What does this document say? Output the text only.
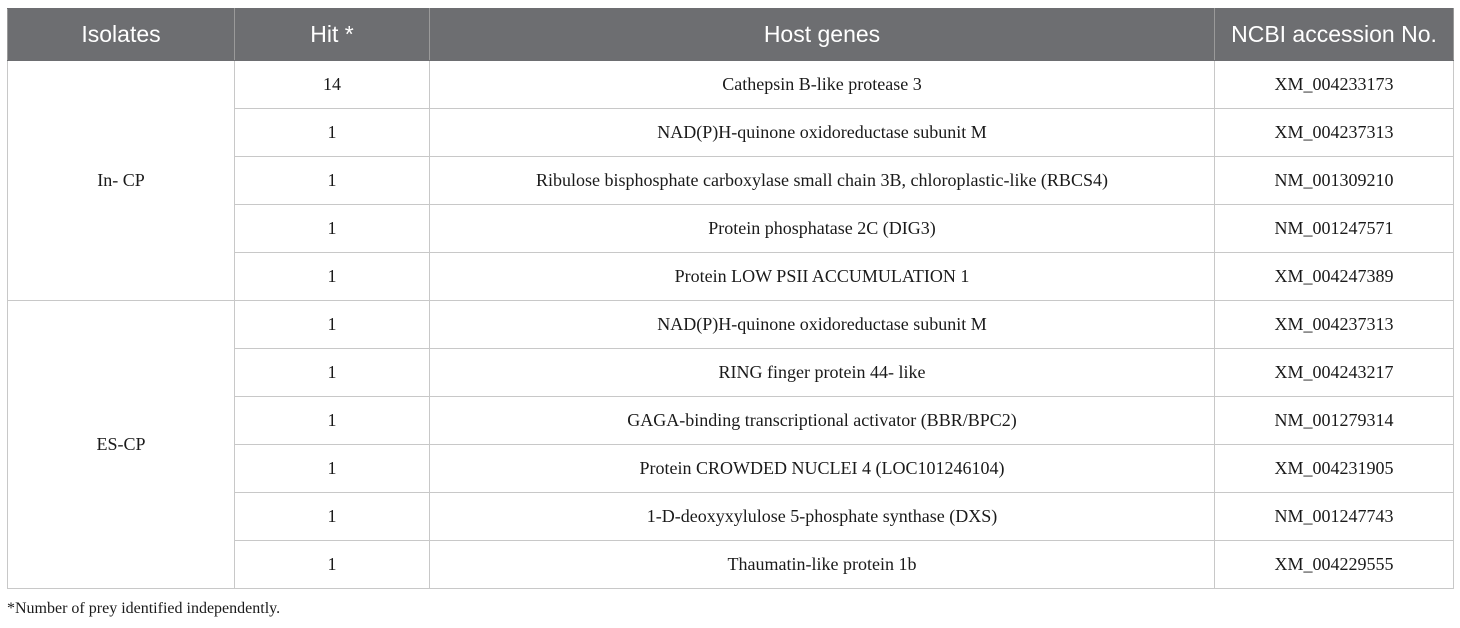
Isolates	Hit *	Host genes	NCBI accession No.
In- CP	14	Cathepsin B-like protease 3	XM_004233173
	1	NAD(P)H-quinone oxidoreductase subunit M	XM_004237313
	1	Ribulose bisphosphate carboxylase small chain 3B, chloroplastic-like (RBCS4)	NM_001309210
	1	Protein phosphatase 2C (DIG3)	NM_001247571
	1	Protein LOW PSII ACCUMULATION 1	XM_004247389
ES-CP	1	NAD(P)H-quinone oxidoreductase subunit M	XM_004237313
	1	RING finger protein 44- like	XM_004243217
	1	GAGA-binding transcriptional activator (BBR/BPC2)	NM_001279314
	1	Protein CROWDED NUCLEI 4 (LOC101246104)	XM_004231905
	1	1-D-deoxyxylulose 5-phosphate synthase (DXS)	NM_001247743
	1	Thaumatin-like protein 1b	XM_004229555

*Number of prey identified independently.
